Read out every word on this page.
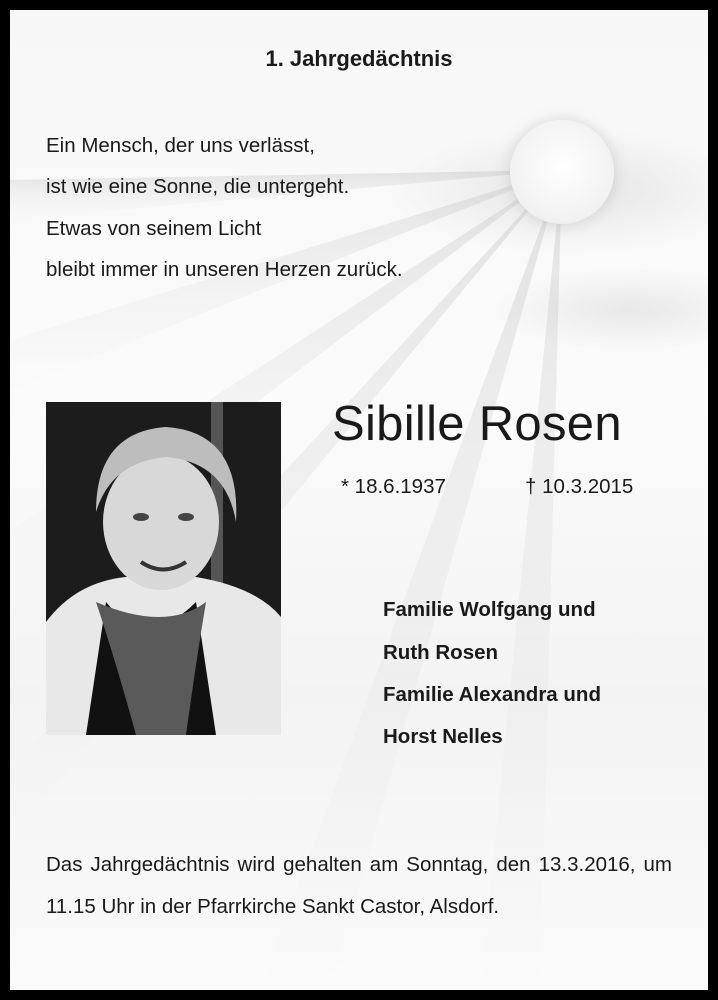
1. Jahrgedächtnis
Ein Mensch, der uns verlässt,
ist wie eine Sonne, die untergeht.
Etwas von seinem Licht
bleibt immer in unseren Herzen zurück.
Sibille Rosen
* 18.6.1937	† 10.3.2015
Familie Wolfgang und
Ruth Rosen
Familie Alexandra und
Horst Nelles
Das Jahrgedächtnis wird gehalten am Sonntag, den 13.3.2016, um 11.15 Uhr in der Pfarrkirche Sankt Castor, Alsdorf.
